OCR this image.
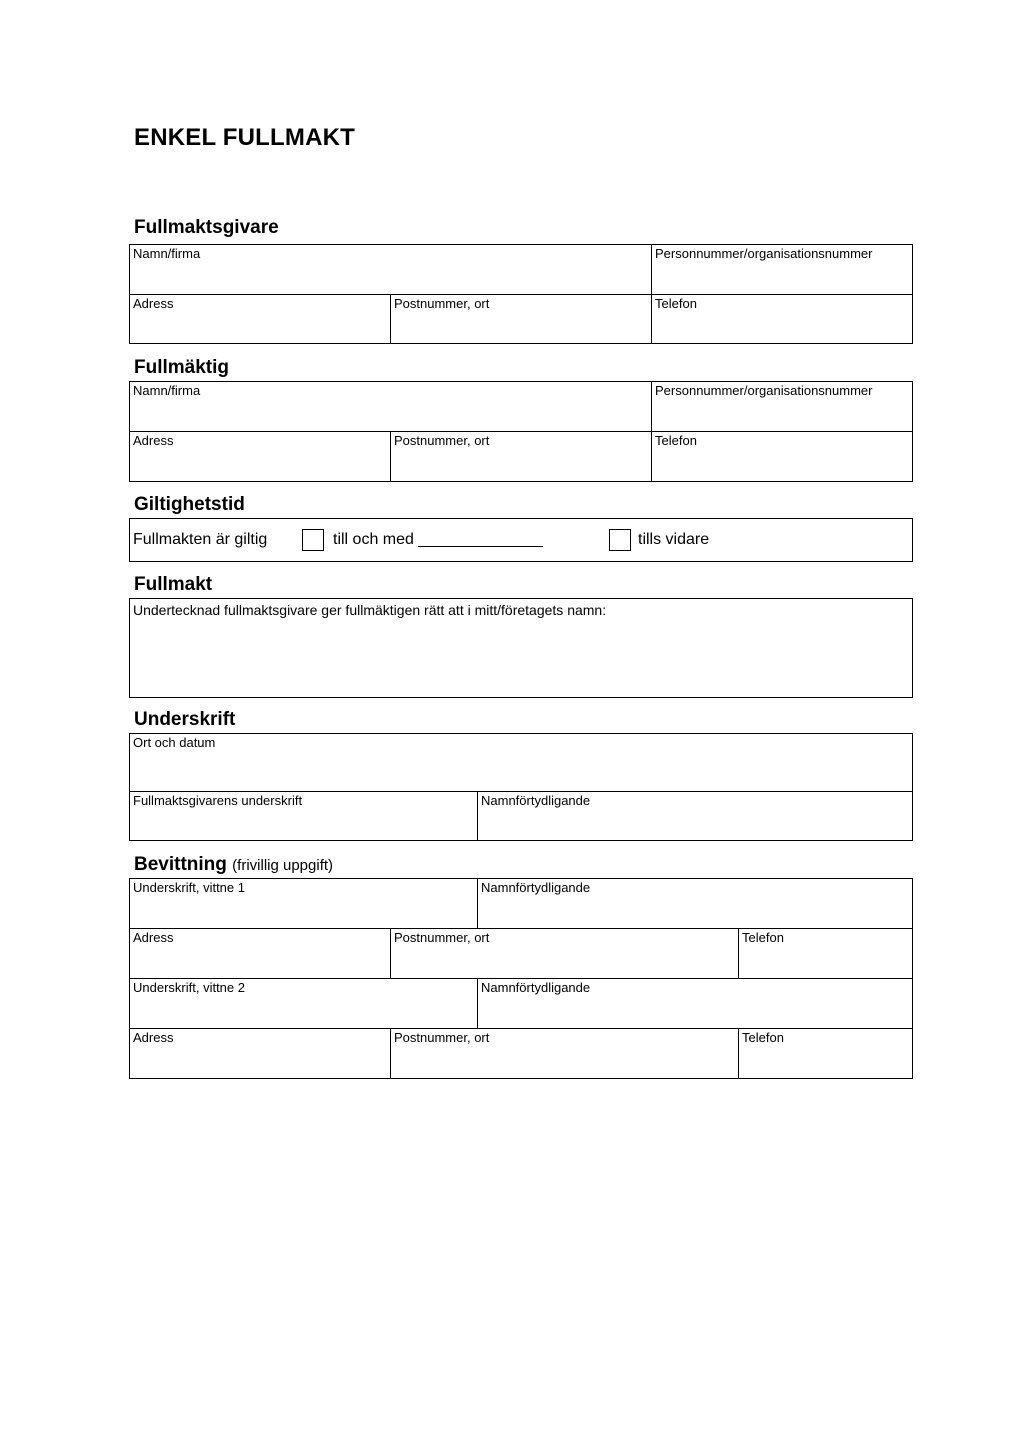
ENKEL FULLMAKT
Fullmaktsgivare
Namn/firma	Personnummer/organisationsnummer
Adress	Postnummer, ort	Telefon
Fullmäktig
Namn/firma	Personnummer/organisationsnummer
Adress	Postnummer, ort	Telefon
Giltighetstid
Fullmakten är giltig	till och med ______________	tills vidare
Fullmakt
Undertecknad fullmaktsgivare ger fullmäktigen rätt att i mitt/företagets namn:
Underskrift
Ort och datum
Fullmaktsgivarens underskrift	Namnförtydligande
Bevittning (frivillig uppgift)
Underskrift, vittne 1	Namnförtydligande
Adress	Postnummer, ort	Telefon
Underskrift, vittne 2	Namnförtydligande
Adress	Postnummer, ort	Telefon
